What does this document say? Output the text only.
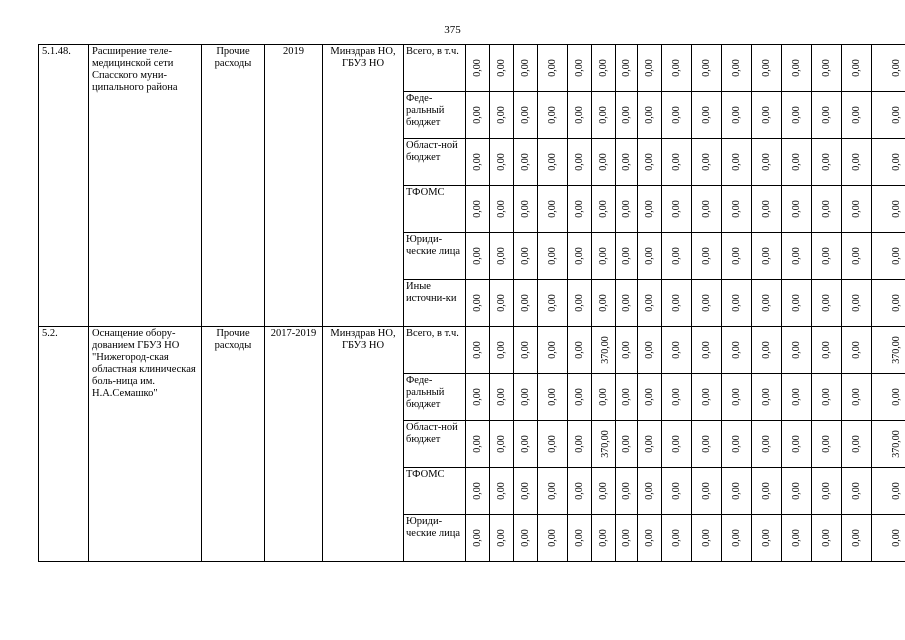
375
5.1.48.	Расширение теле-медицинской сети Спасского муни-ципального района	Прочие расходы	2019	Минздрав НО, ГБУЗ НО	Всего, в т.ч.	0,00	0,00	0,00	0,00	0,00	0,00	0,00	0,00	0,00	0,00	0,00	0,00	0,00	0,00	0,00	0,00
					Феде-ральный бюджет	0,00	0,00	0,00	0,00	0,00	0,00	0,00	0,00	0,00	0,00	0,00	0,00	0,00	0,00	0,00	0,00
					Област-ной бюджет	0,00	0,00	0,00	0,00	0,00	0,00	0,00	0,00	0,00	0,00	0,00	0,00	0,00	0,00	0,00	0,00
					ТФОМС	0,00	0,00	0,00	0,00	0,00	0,00	0,00	0,00	0,00	0,00	0,00	0,00	0,00	0,00	0,00	0,00
					Юриди-ческие лица	0,00	0,00	0,00	0,00	0,00	0,00	0,00	0,00	0,00	0,00	0,00	0,00	0,00	0,00	0,00	0,00
					Иные источни-ки	0,00	0,00	0,00	0,00	0,00	0,00	0,00	0,00	0,00	0,00	0,00	0,00	0,00	0,00	0,00	0,00
5.2.	Оснащение обору-дованием ГБУЗ НО "Нижегород-ская областная клиническая боль-ница им. Н.А.Семашко"	Прочие расходы	2017-2019	Минздрав НО, ГБУЗ НО	Всего, в т.ч.	0,00	0,00	0,00	0,00	0,00	370,00	0,00	0,00	0,00	0,00	0,00	0,00	0,00	0,00	0,00	370,00
					Феде-ральный бюджет	0,00	0,00	0,00	0,00	0,00	0,00	0,00	0,00	0,00	0,00	0,00	0,00	0,00	0,00	0,00	0,00
					Област-ной бюджет	0,00	0,00	0,00	0,00	0,00	370,00	0,00	0,00	0,00	0,00	0,00	0,00	0,00	0,00	0,00	370,00
					ТФОМС	0,00	0,00	0,00	0,00	0,00	0,00	0,00	0,00	0,00	0,00	0,00	0,00	0,00	0,00	0,00	0,00
					Юриди-ческие лица	0,00	0,00	0,00	0,00	0,00	0,00	0,00	0,00	0,00	0,00	0,00	0,00	0,00	0,00	0,00	0,00
